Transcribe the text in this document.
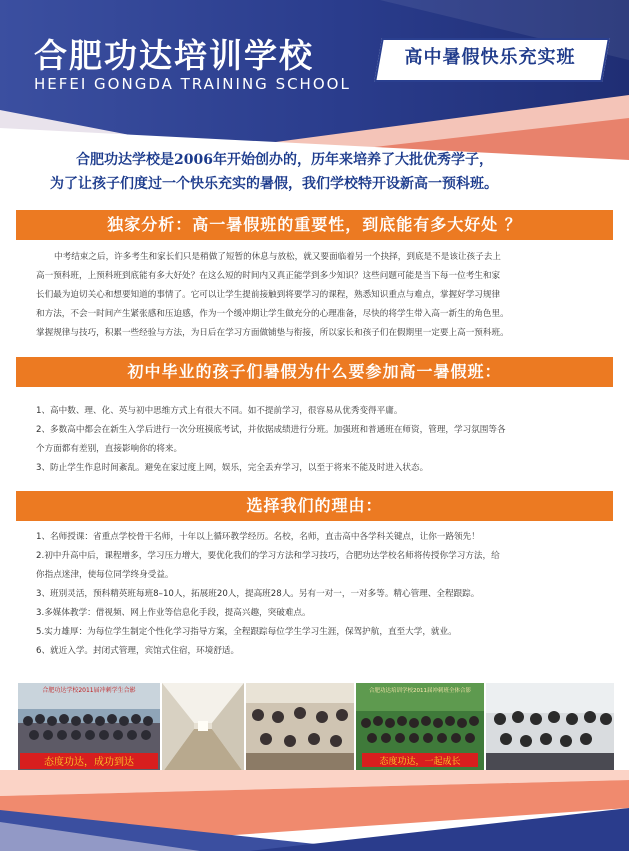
合肥功达培训学校
HEFEI GONGDA TRAINING SCHOOL
高中暑假快乐充实班

合肥功达学校是2006年开始创办的，历年来培养了大批优秀学子，

为了让孩子们度过一个快乐充实的暑假，我们学校特开设新高一预科班。

独家分析：高一暑假班的重要性，到底能有多大好处 ？

中考结束之后，许多考生和家长们只是稍做了短暂的休息与放松，就又要面临着另一个抉择，到底是不是该让孩子去上

高一预科班，上预科班到底能有多大好处？在这么短的时间内又真正能学到多少知识？这些问题可能是当下每一位考生和家

长们最为迫切关心和想要知道的事情了。它可以让学生提前接触到将要学习的课程，熟悉知识重点与难点，掌握好学习规律

和方法，不会一时间产生紧张感和压迫感，作为一个缓冲期让学生做充分的心理准备，尽快的将学生带入高一新生的角色里。

掌握规律与技巧，积累一些经验与方法，为日后在学习方面做铺垫与衔接，所以家长和孩子们在假期里一定要上高一预科班。

初中毕业的孩子们暑假为什么要参加高一暑假班：

1、高中数、理、化、英与初中思维方式上有很大不同。如不提前学习，很容易从优秀变得平庸。

2、多数高中都会在新生入学后进行一次分班摸底考试，并依据成绩进行分班。加强班和普通班在师资，管理，学习氛围等各

个方面都有差别，直接影响你的将来。

3、防止学生作息时间紊乱。避免在家过度上网，娱乐，完全丢弃学习，以至于将来不能及时进入状态。

选择我们的理由：

1、名师授课：省重点学校骨干名师，十年以上循环教学经历。名校，名师，直击高中各学科关键点，让你一路领先！

2.初中升高中后，课程增多，学习压力增大，要优化我们的学习方法和学习技巧，合肥功达学校名师将传授你学习方法，给

你指点迷津，使每位同学终身受益。

3、班別灵活，预科精英班每班8–10人，拓展班20人，提高班28人。另有一对一，一对多等。精心管理、全程跟踪。

3.多媒体教学：借视频、网上作业等信息化手段，提高兴趣，突破难点。

5.实力雄厚：为每位学生制定个性化学习指导方案，全程跟踪每位学生学习生涯，保驾护航，直至大学，就业。

6、就近入学。封闭式管理，宾馆式住宿，环境舒适。

态度功达，成功到达
合肥功达学校2011届冲刺学生合影
态度功达，一起成长
合肥功达培训学校2011届冲刺班全体合影
